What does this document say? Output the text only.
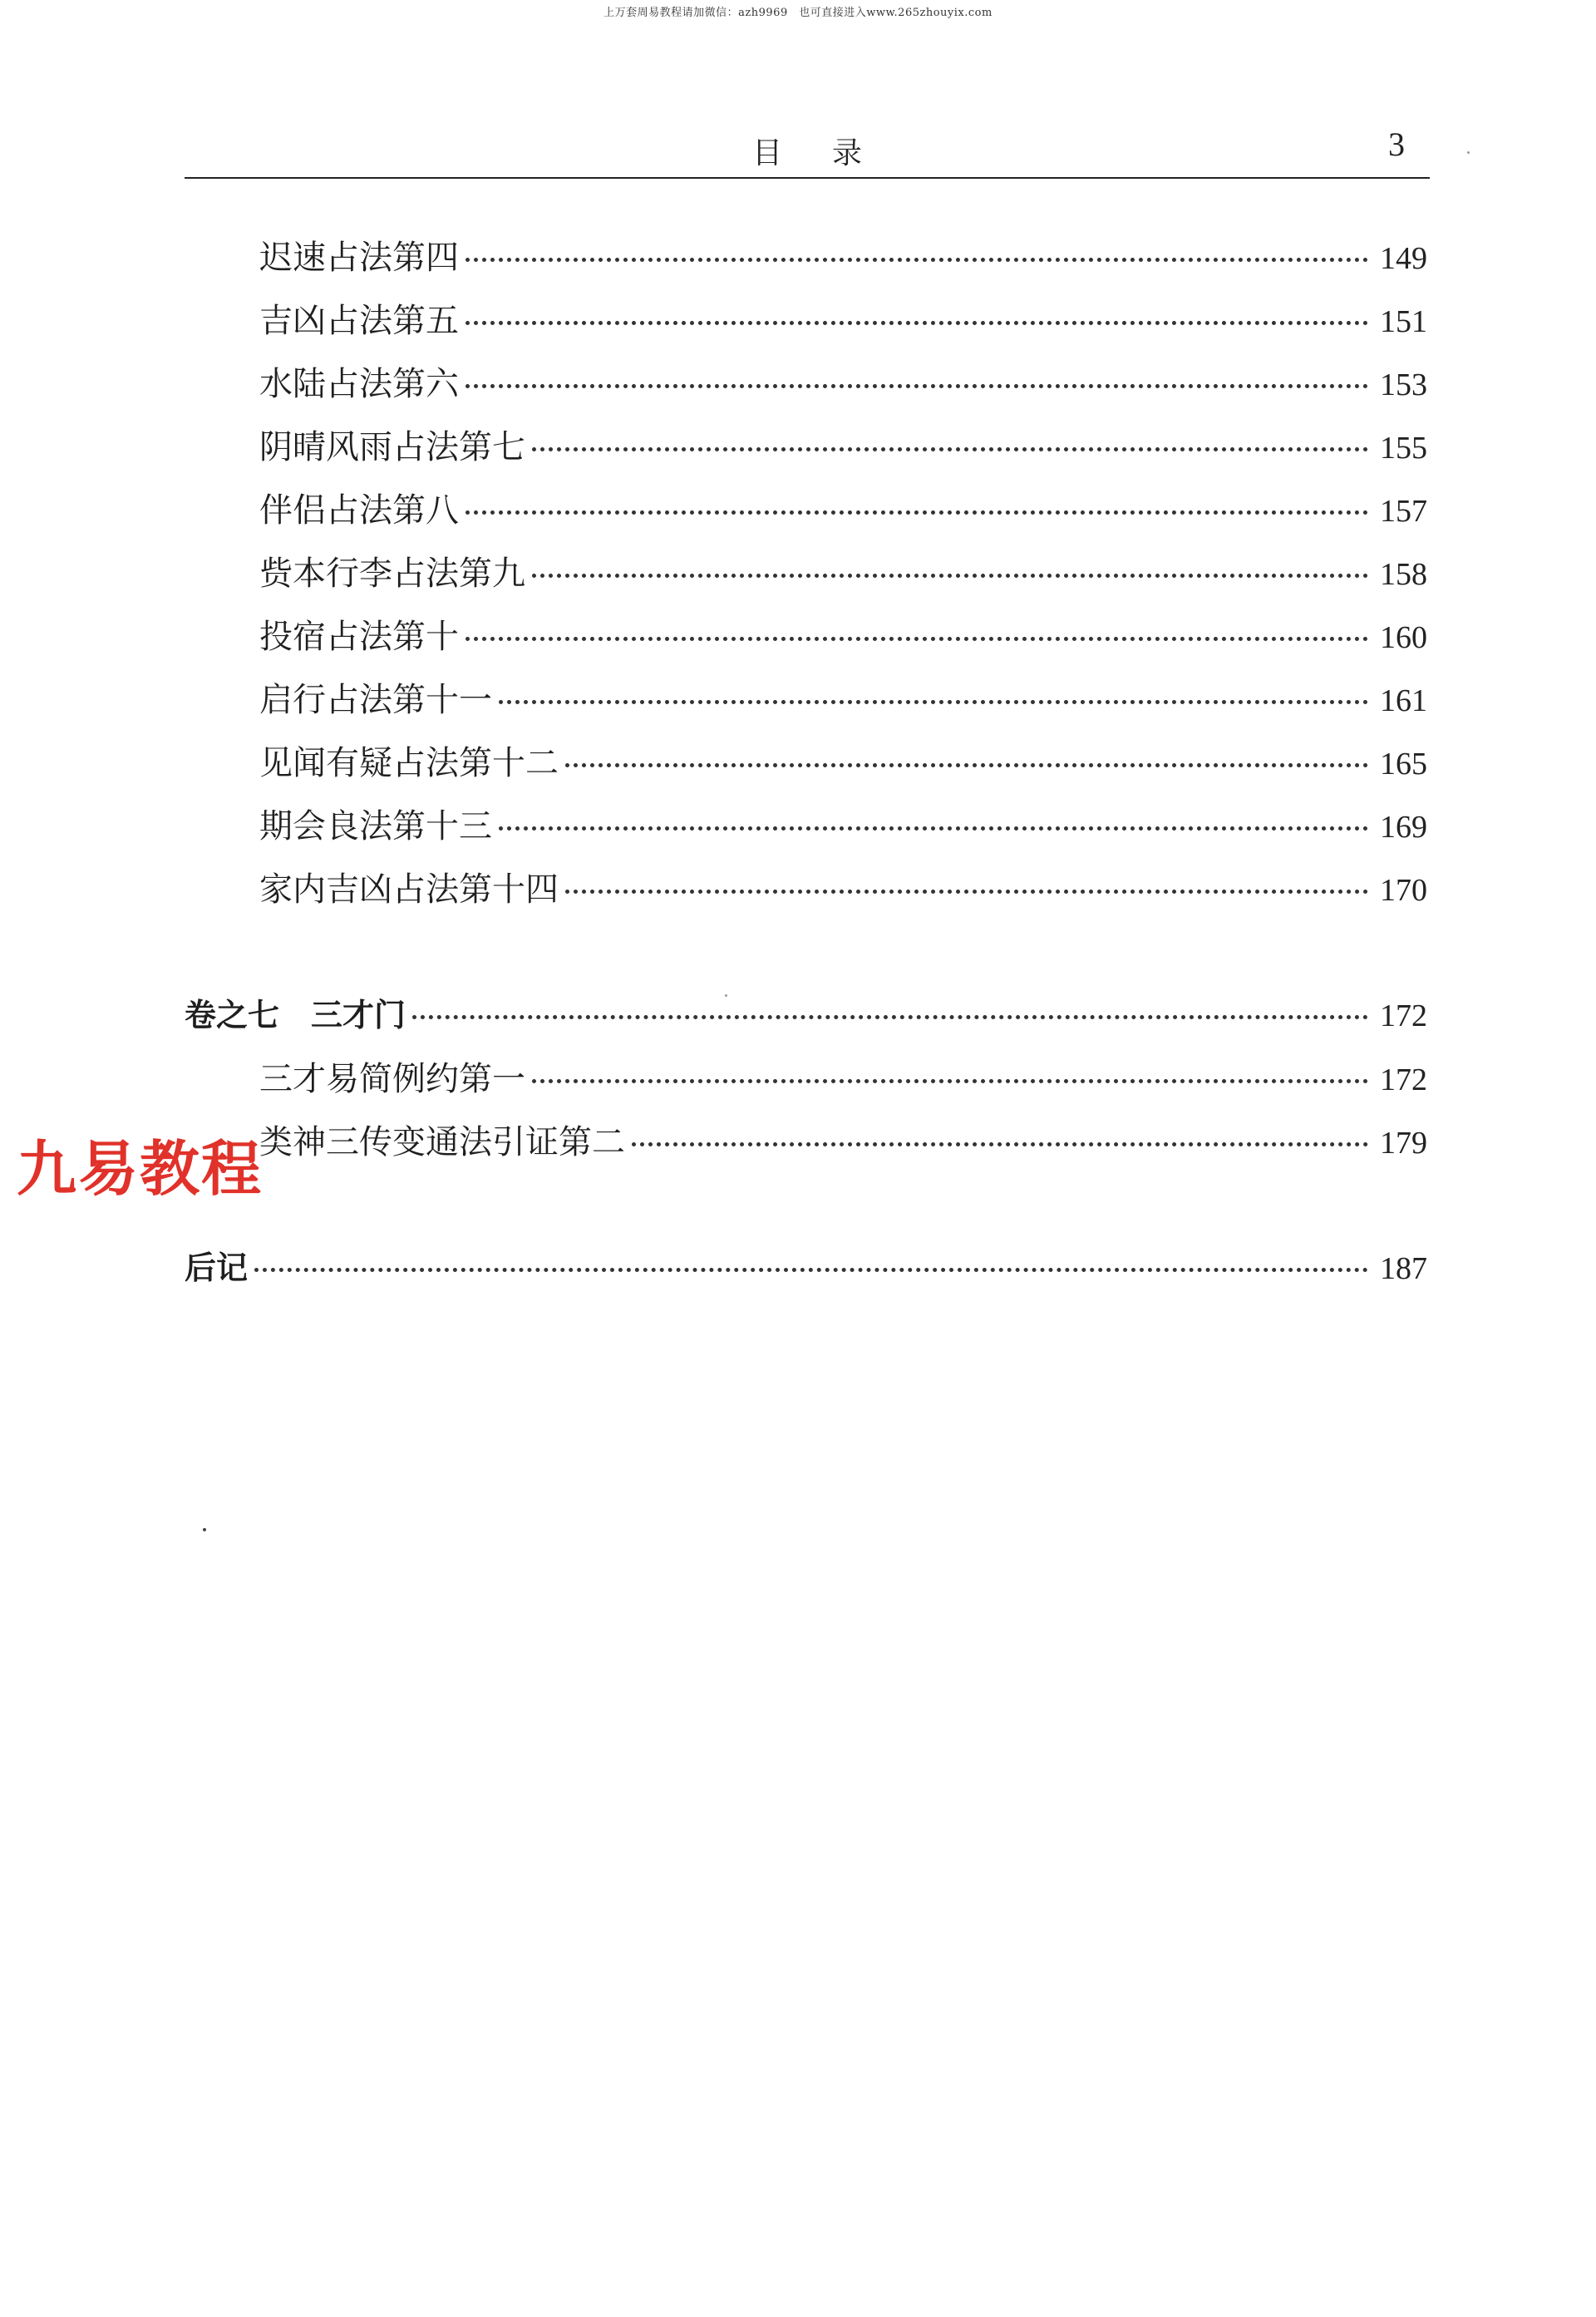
上万套周易教程请加微信：azh9969　也可直接进入www.265zhouyix.com
目录	3
迟速占法第四	149
吉凶占法第五	151
水陆占法第六	153
阴晴风雨占法第七	155
伴侣占法第八	157
赀本行李占法第九	158
投宿占法第十	160
启行占法第十一	161
见闻有疑占法第十二	165
期会良法第十三	169
家内吉凶占法第十四	170
卷之七　三才门	172
三才易简例约第一	172
类神三传变通法引证第二	179
后记	187
九易教程
